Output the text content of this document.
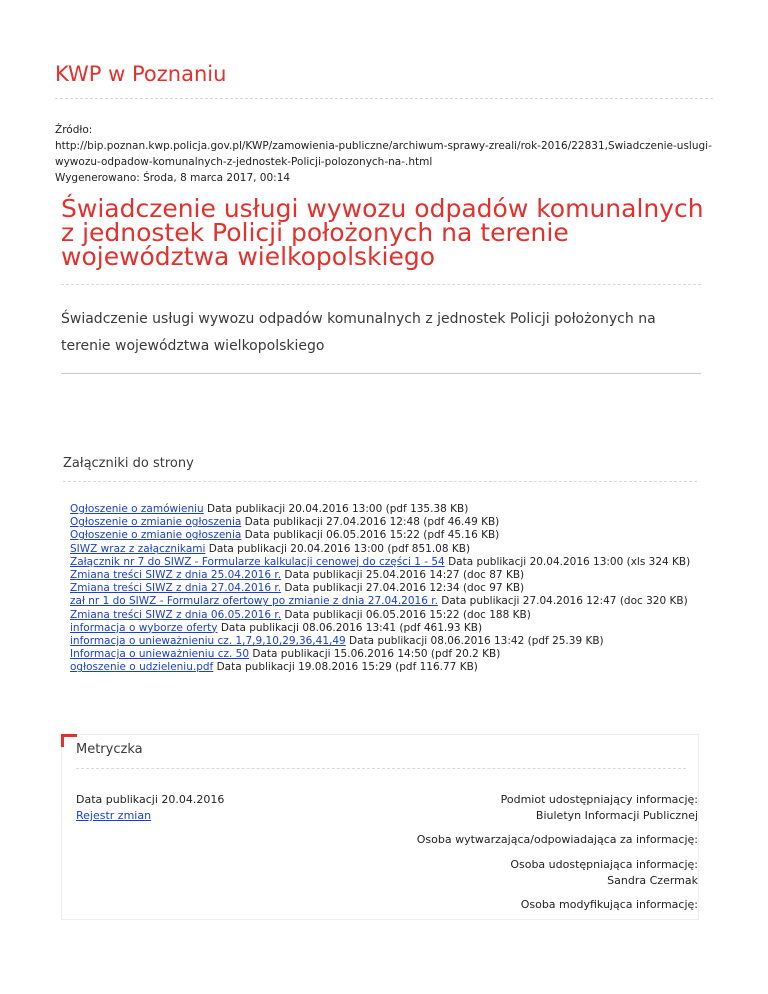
KWP w Poznaniu
Źródło:
http://bip.poznan.kwp.policja.gov.pl/KWP/zamowienia-publiczne/archiwum-sprawy-zreali/rok-2016/22831,Swiadczenie-uslugi-wywozu-odpadow-komunalnych-z-jednostek-Policji-polozonych-na-.html
Wygenerowano: Środa, 8 marca 2017, 00:14
Świadczenie usługi wywozu odpadów komunalnych z jednostek Policji położonych na terenie województwa wielkopolskiego

Świadczenie usługi wywozu odpadów komunalnych z jednostek Policji położonych na terenie województwa wielkopolskiego

Załączniki do strony
Ogłoszenie o zamówieniu Data publikacji 20.04.2016 13:00 (pdf 135.38 KB)
Ogłoszenie o zmianie ogłoszenia Data publikacji 27.04.2016 12:48 (pdf 46.49 KB)
Ogłoszenie o zmianie ogłoszenia Data publikacji 06.05.2016 15:22 (pdf 45.16 KB)
SIWZ wraz z załącznikami Data publikacji 20.04.2016 13:00 (pdf 851.08 KB)
Załącznik nr 7 do SIWZ - Formularze kalkulacji cenowej do części 1 - 54 Data publikacji 20.04.2016 13:00 (xls 324 KB)
Zmiana treści SIWZ z dnia 25.04.2016 r. Data publikacji 25.04.2016 14:27 (doc 87 KB)
Zmiana treści SIWZ z dnia 27.04.2016 r. Data publikacji 27.04.2016 12:34 (doc 97 KB)
zał nr 1 do SIWZ - Formularz ofertowy po zmianie z dnia 27.04.2016 r. Data publikacji 27.04.2016 12:47 (doc 320 KB)
Zmiana treści SIWZ z dnia 06.05.2016 r. Data publikacji 06.05.2016 15:22 (doc 188 KB)
informacja o wyborze oferty Data publikacji 08.06.2016 13:41 (pdf 461.93 KB)
informacja o unieważnieniu cz. 1,7,9,10,29,36,41,49 Data publikacji 08.06.2016 13:42 (pdf 25.39 KB)
Informacja o unieważnieniu cz. 50 Data publikacji 15.06.2016 14:50 (pdf 20.2 KB)
ogłoszenie o udzieleniu.pdf Data publikacji 19.08.2016 15:29 (pdf 116.77 KB)
Metryczka
Data publikacji 20.04.2016
Rejestr zmian
Podmiot udostępniający informację:
Biuletyn Informacji Publicznej
Osoba wytwarzająca/odpowiadająca za informację:
Osoba udostępniająca informację:
Sandra Czermak
Osoba modyfikująca informację:
